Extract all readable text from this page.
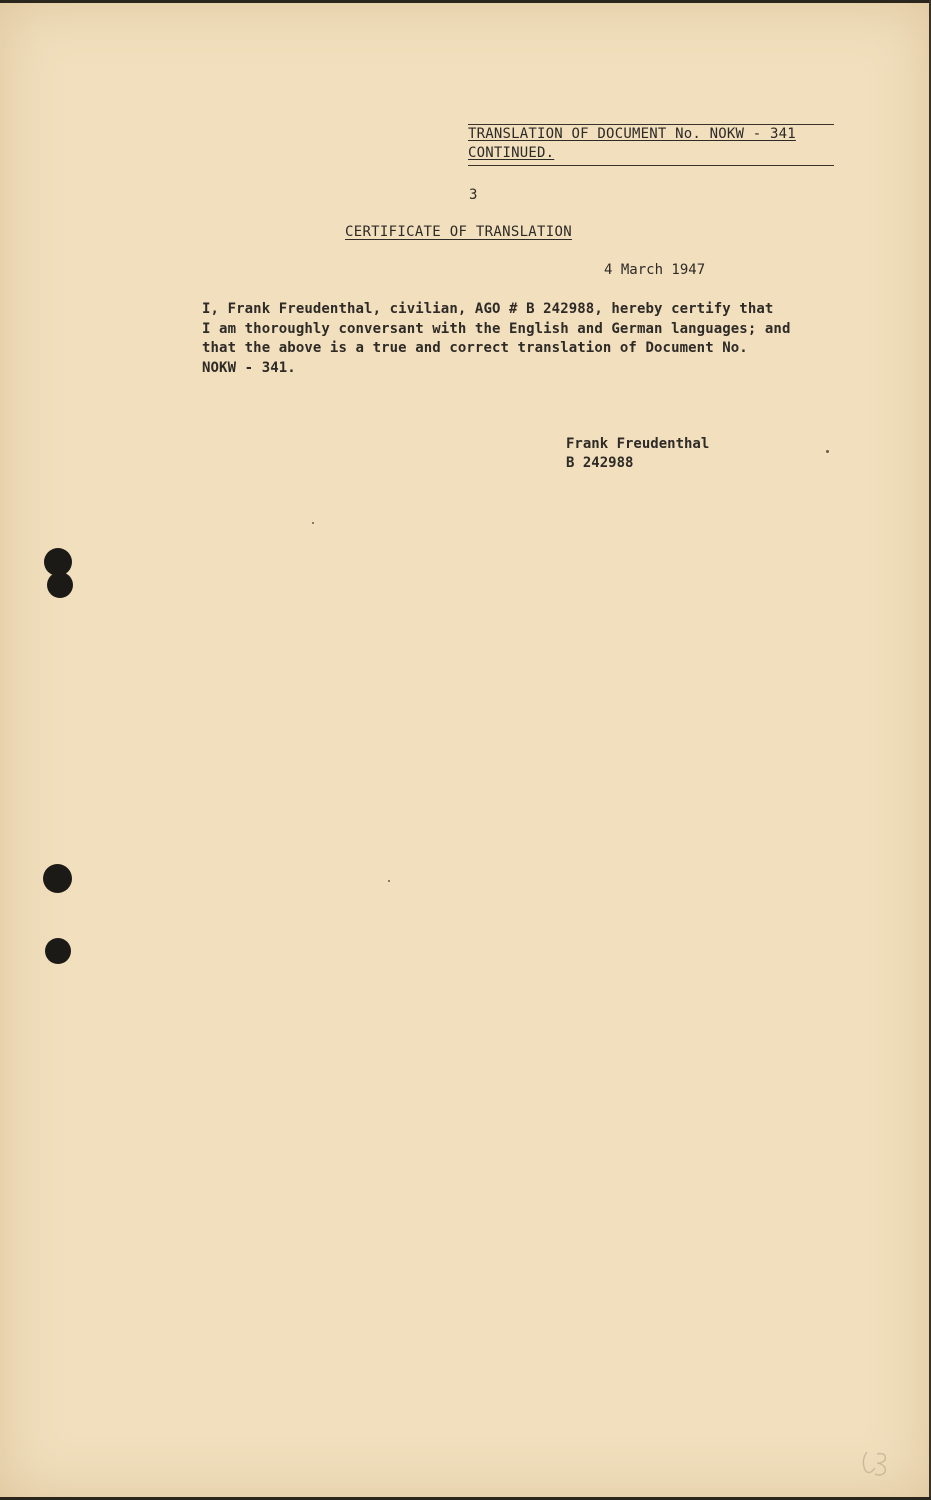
TRANSLATION OF DOCUMENT No. NOKW - 341
CONTINUED.
3
CERTIFICATE OF TRANSLATION
4 March 1947
I, Frank Freudenthal, civilian, AGO # B 242988, hereby certify that
I am thoroughly conversant with the English and German languages; and
that the above is a true and correct translation of Document No.
NOKW - 341.
Frank Freudenthal
B 242988
